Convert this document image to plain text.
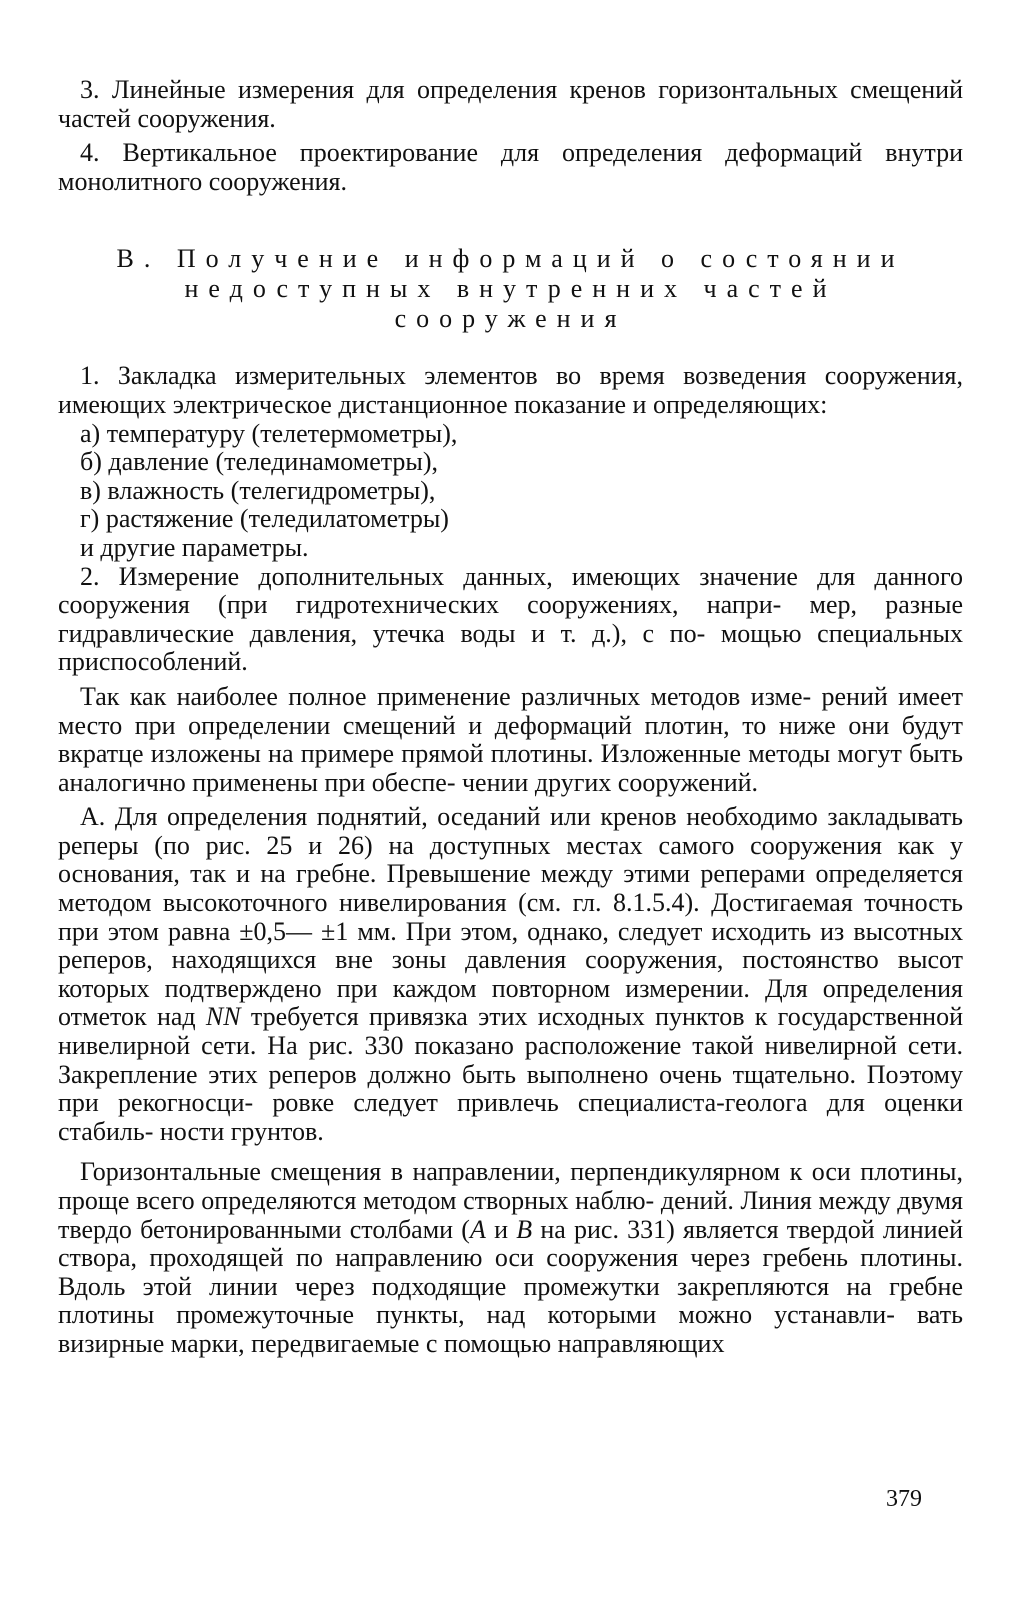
3. Линейные измерения для определения кренов горизонтальных смещений частей сооружения.

4. Вертикальное проектирование для определения деформаций внутри монолитного сооружения.

В. Получение информаций о состоянии
недоступных внутренних частей
сооружения

1. Закладка измерительных элементов во время возведения сооружения, имеющих электрическое дистанционное показание и определяющих:

а) температуру (телетермометры),

б) давление (телединамометры),

в) влажность (телегидрометры),

г) растяжение (теледилатометры)

и другие параметры.

2. Измерение дополнительных данных, имеющих значение для данного сооружения (при гидротехнических сооружениях, напри- мер, разные гидравлические давления, утечка воды и т. д.), с по- мощью специальных приспособлений.

Так как наиболее полное применение различных методов изме- рений имеет место при определении смещений и деформаций плотин, то ниже они будут вкратце изложены на примере прямой плотины. Изложенные методы могут быть аналогично применены при обеспе- чении других сооружений.

А. Для определения поднятий, оседаний или кренов необходимо закладывать реперы (по рис. 25 и 26) на доступных местах самого сооружения как у основания, так и на гребне. Превышение между этими реперами определяется методом высокоточного нивелирования (см. гл. 8.1.5.4). Достигаемая точность при этом равна ±0,5— ±1 мм. При этом, однако, следует исходить из высотных реперов, находящихся вне зоны давления сооружения, постоянство высот которых подтверждено при каждом повторном измерении. Для определения отметок над NN требуется привязка этих исходных пунктов к государственной нивелирной сети. На рис. 330 показано расположение такой нивелирной сети. Закрепление этих реперов должно быть выполнено очень тщательно. Поэтому при рекогносци- ровке следует привлечь специалиста-геолога для оценки стабиль- ности грунтов.

Горизонтальные смещения в направлении, перпендикулярном к оси плотины, проще всего определяются методом створных наблю- дений. Линия между двумя твердо бетонированными столбами (A и B на рис. 331) является твердой линией створа, проходящей по направлению оси сооружения через гребень плотины. Вдоль этой линии через подходящие промежутки закрепляются на гребне плотины промежуточные пункты, над которыми можно устанавли- вать визирные марки, передвигаемые с помощью направляющих

379
